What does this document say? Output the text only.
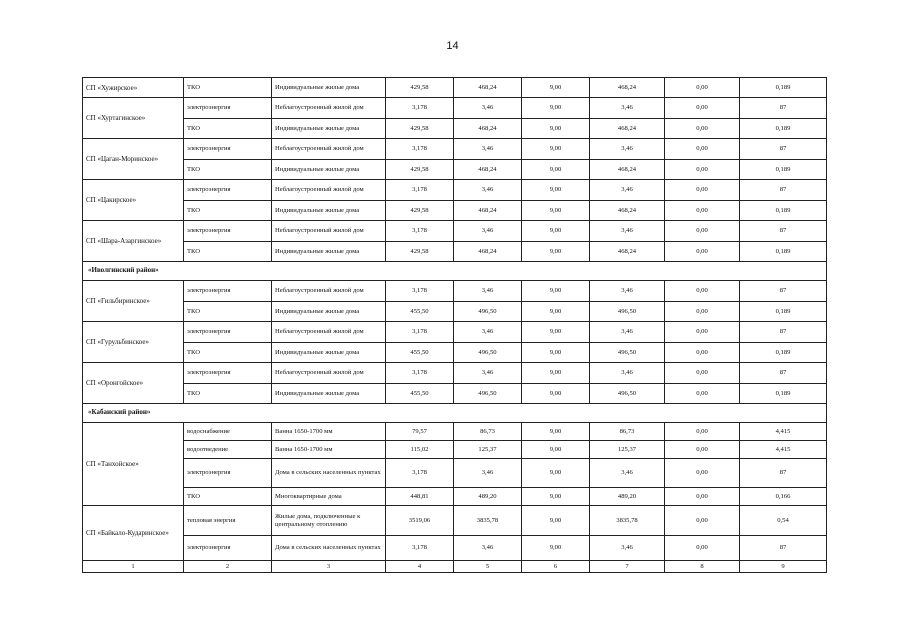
14
СП «Хужирское»	ТКО	Индивидуальные жилые дома	429,58	468,24	9,00	468,24	0,00	0,189
СП «Хуртагинское»	электроэнергия	Неблагоустроенный жилой дом	3,178	3,46	9,00	3,46	0,00	87
	ТКО	Индивидуальные жилые дома	429,58	468,24	9,00	468,24	0,00	0,189
СП «Цаган-Моринское»	электроэнергия	Неблагоустроенный жилой дом	3,178	3,46	9,00	3,46	0,00	87
	ТКО	Индивидуальные жилые дома	429,58	468,24	9,00	468,24	0,00	0,189
СП «Цакирское»	электроэнергия	Неблагоустроенный жилой дом	3,178	3,46	9,00	3,46	0,00	87
	ТКО	Индивидуальные жилые дома	429,58	468,24	9,00	468,24	0,00	0,189
СП «Шара-Азаргинское»	электроэнергия	Неблагоустроенный жилой дом	3,178	3,46	9,00	3,46	0,00	87
	ТКО	Индивидуальные жилые дома	429,58	468,24	9,00	468,24	0,00	0,189
«Иволгинский район»								
СП «Гильбиринское»	электроэнергия	Неблагоустроенный жилой дом	3,178	3,46	9,00	3,46	0,00	87
	ТКО	Индивидуальные жилые дома	455,50	496,50	9,00	496,50	0,00	0,189
СП «Гурульбинское»	электроэнергия	Неблагоустроенный жилой дом	3,178	3,46	9,00	3,46	0,00	87
	ТКО	Индивидуальные жилые дома	455,50	496,50	9,00	496,50	0,00	0,189
СП «Оронгойское»	электроэнергия	Неблагоустроенный жилой дом	3,178	3,46	9,00	3,46	0,00	87
	ТКО	Индивидуальные жилые дома	455,50	496,50	9,00	496,50	0,00	0,189
«Кабанский район»								
СП «Танхойское»	водоснабжение	Ванна 1650-1700 мм	79,57	86,73	9,00	86,73	0,00	4,415
	водоотведение	Ванна 1650-1700 мм	115,02	125,37	9,00	125,37	0,00	4,415
	электроэнергия	Дома в сельских населенных пунктах	3,178	3,46	9,00	3,46	0,00	87
	ТКО	Многоквартирные дома	448,81	489,20	9,00	489,20	0,00	0,166
СП «Байкало-Кударинское»	тепловая энергия	Жилые дома, подключенные к центральному отоплению	3519,06	3835,78	9,00	3835,78	0,00	0,54
	электроэнергия	Дома в сельских населенных пунктах	3,178	3,46	9,00	3,46	0,00	87
1	2	3	4	5	6	7	8	9
